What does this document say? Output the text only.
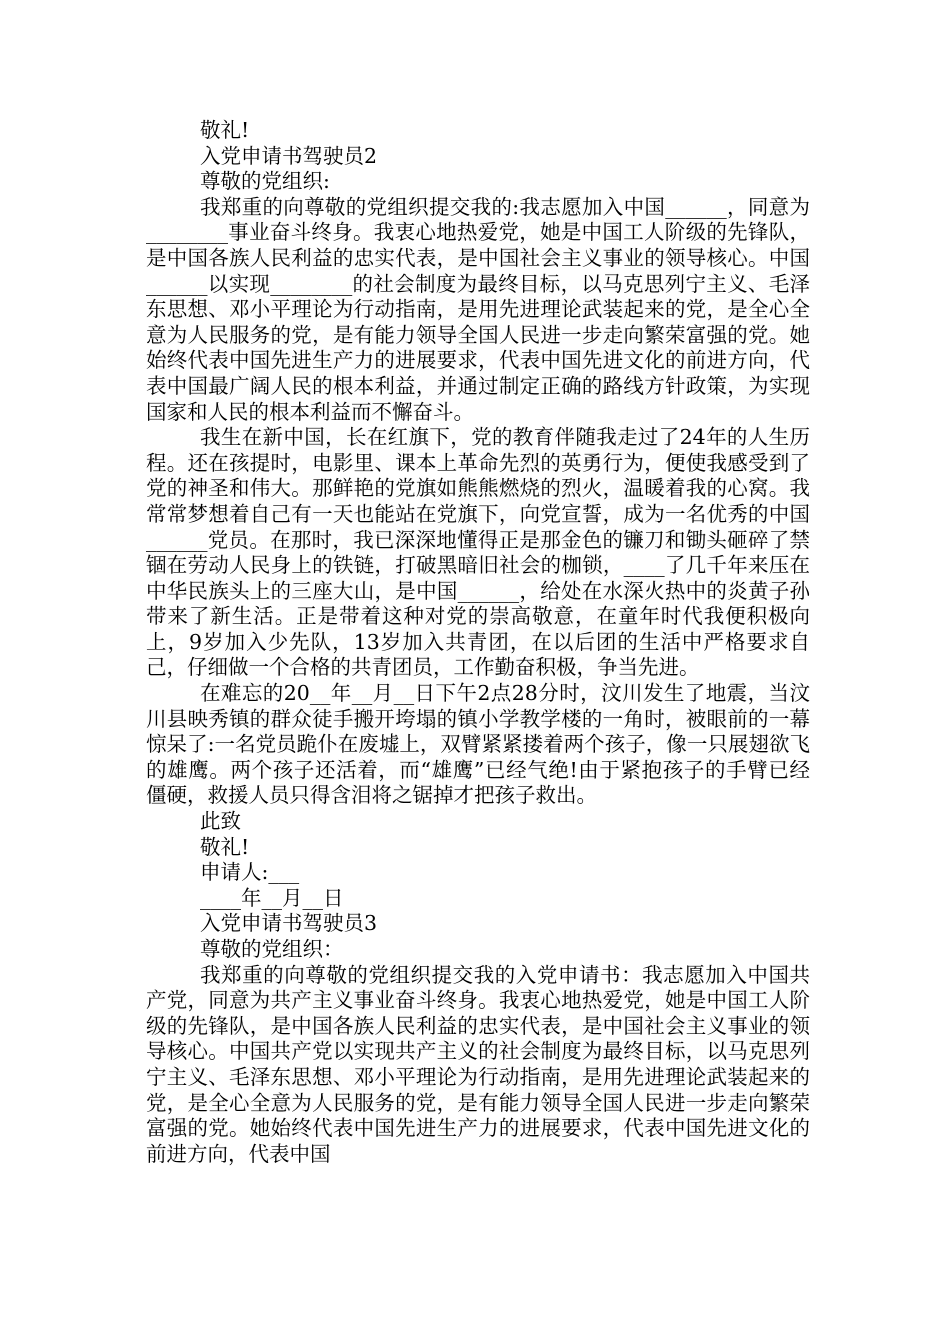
敬礼!

入党申请书驾驶员2

尊敬的党组织:

我郑重的向尊敬的党组织提交我的:我志愿加入中国______，同意为________事业奋斗终身。我衷心地热爱党，她是中国工人阶级的先锋队，是中国各族人民利益的忠实代表，是中国社会主义事业的领导核心。中国______以实现________的社会制度为最终目标，以马克思列宁主义、毛泽东思想、邓小平理论为行动指南，是用先进理论武装起来的党，是全心全意为人民服务的党，是有能力领导全国人民进一步走向繁荣富强的党。她始终代表中国先进生产力的进展要求，代表中国先进文化的前进方向，代表中国最广阔人民的根本利益，并通过制定正确的路线方针政策，为实现国家和人民的根本利益而不懈奋斗。

我生在新中国，长在红旗下，党的教育伴随我走过了24年的人生历程。还在孩提时，电影里、课本上革命先烈的英勇行为，便使我感受到了党的神圣和伟大。那鲜艳的党旗如熊熊燃烧的烈火，温暖着我的心窝。我常常梦想着自己有一天也能站在党旗下，向党宣誓，成为一名优秀的中国______党员。在那时，我已深深地懂得正是那金色的镰刀和锄头砸碎了禁锢在劳动人民身上的铁链，打破黑暗旧社会的枷锁，____了几千年来压在中华民族头上的三座大山，是中国______，给处在水深火热中的炎黄子孙带来了新生活。正是带着这种对党的崇高敬意，在童年时代我便积极向上，9岁加入少先队，13岁加入共青团，在以后团的生活中严格要求自己，仔细做一个合格的共青团员，工作勤奋积极，争当先进。

在难忘的20__年__月__日下午2点28分时，汶川发生了地震，当汶川县映秀镇的群众徒手搬开垮塌的镇小学教学楼的一角时，被眼前的一幕惊呆了:一名党员跪仆在废墟上，双臂紧紧搂着两个孩子，像一只展翅欲飞的雄鹰。两个孩子还活着，而“雄鹰”已经气绝!由于紧抱孩子的手臂已经僵硬，救援人员只得含泪将之锯掉才把孩子救出。

此致

敬礼!

申请人:___

____年__月__日

入党申请书驾驶员3

尊敬的党组织：

我郑重的向尊敬的党组织提交我的入党申请书：我志愿加入中国共产党，同意为共产主义事业奋斗终身。我衷心地热爱党，她是中国工人阶级的先锋队，是中国各族人民利益的忠实代表，是中国社会主义事业的领导核心。中国共产党以实现共产主义的社会制度为最终目标，以马克思列宁主义、毛泽东思想、邓小平理论为行动指南，是用先进理论武装起来的党，是全心全意为人民服务的党，是有能力领导全国人民进一步走向繁荣富强的党。她始终代表中国先进生产力的进展要求，代表中国先进文化的前进方向，代表中国
